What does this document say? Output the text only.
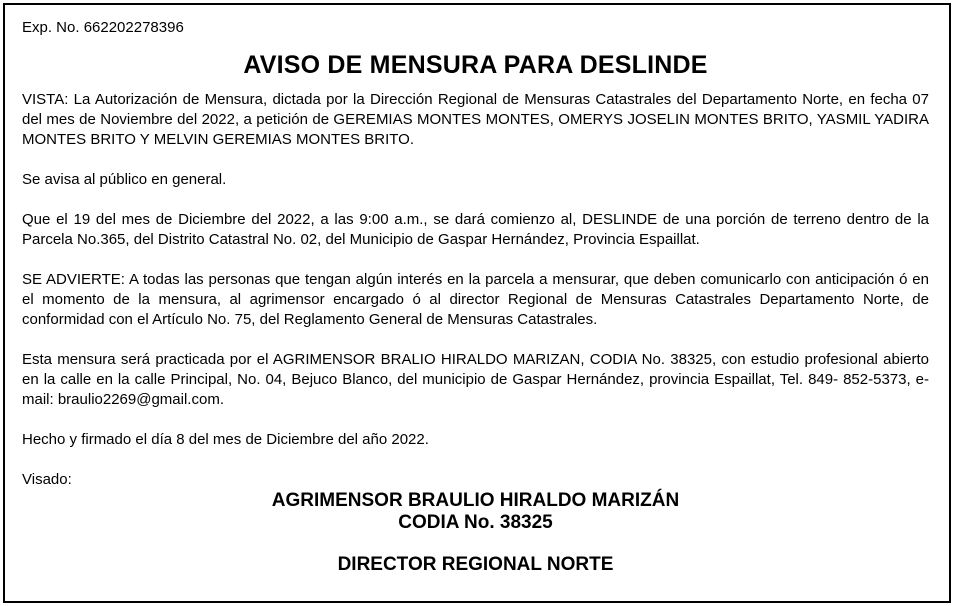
Exp. No. 662202278396

AVISO DE MENSURA PARA DESLINDE

VISTA: La Autorización de Mensura, dictada por la Dirección Regional de Mensuras Catastrales del Departamento Norte, en fecha 07 del mes de Noviembre del 2022, a petición de GEREMIAS MONTES MONTES, OMERYS JOSELIN MONTES BRITO, YASMIL YADIRA MONTES BRITO Y MELVIN GEREMIAS MONTES BRITO.

Se avisa al público en general.

Que el 19 del mes de Diciembre del 2022, a las 9:00 a.m., se dará comienzo al, DESLINDE de una porción de terreno dentro de la Parcela No.365, del Distrito Catastral No. 02, del Municipio de Gaspar Hernández, Provincia Espaillat.

SE ADVIERTE: A todas las personas que tengan algún interés en la parcela a mensurar, que deben comunicarlo con anticipación ó en el momento de la mensura, al agrimensor encargado ó al director Regional de Mensuras Catastrales Departamento Norte, de conformidad con el Artículo No. 75, del Reglamento General de Mensuras Catastrales.

Esta mensura será practicada por el AGRIMENSOR BRALIO HIRALDO MARIZAN, CODIA No. 38325, con estudio profesional abierto en la calle en la calle Principal, No. 04, Bejuco Blanco, del municipio de Gaspar Hernández, provincia Espaillat, Tel. 849- 852-5373, e-mail: braulio2269@gmail.com.

Hecho y firmado el día 8 del mes de Diciembre del año 2022.

Visado:

AGRIMENSOR BRAULIO HIRALDO MARIZÁN

CODIA No. 38325

DIRECTOR REGIONAL NORTE
